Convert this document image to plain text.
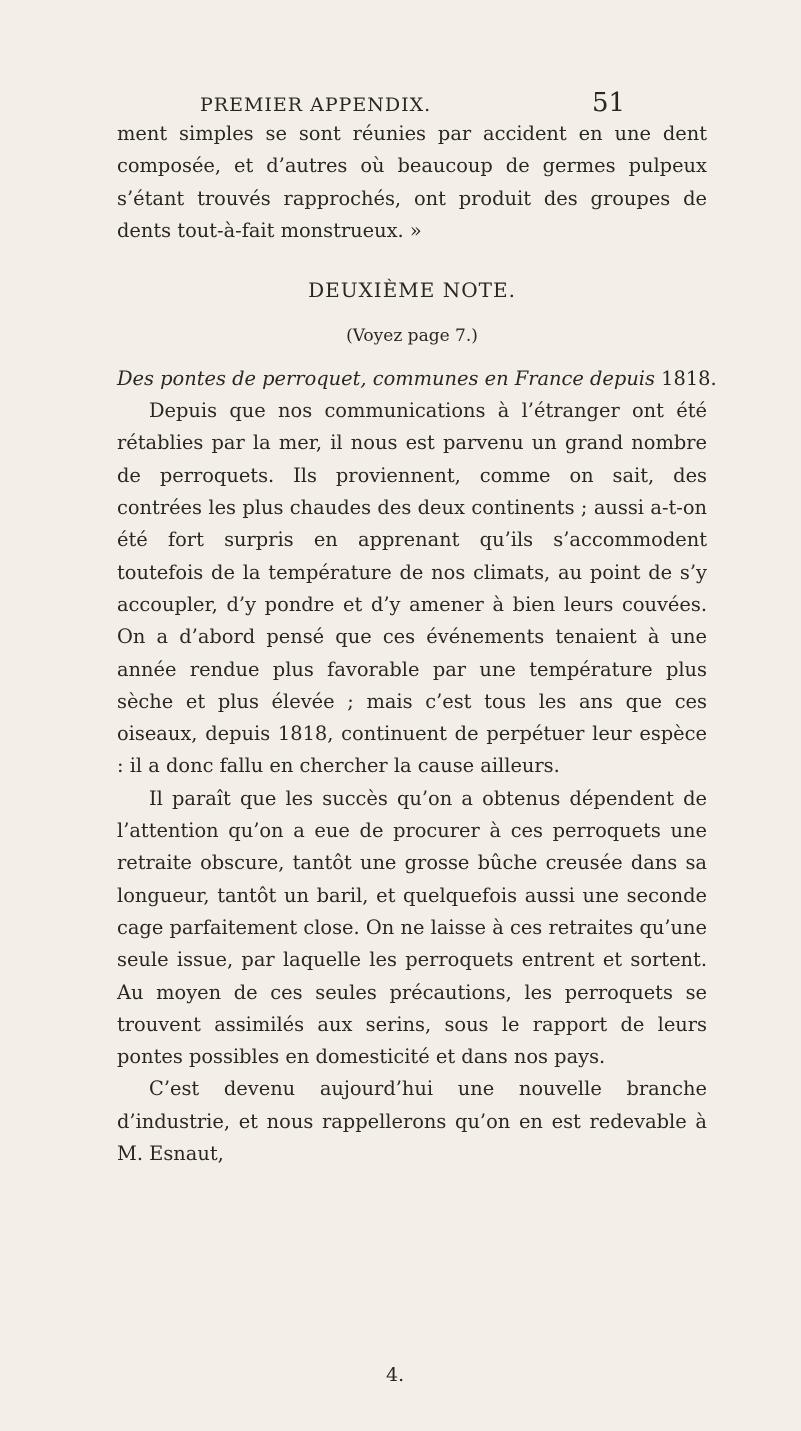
PREMIER APPENDIX.	51

ment simples se sont réunies par accident en une dent composée, et d’autres où beaucoup de germes pulpeux s’étant trouvés rapprochés, ont produit des groupes de dents tout-à-fait monstrueux. »

DEUXIÈME NOTE.
(Voyez page 7.)
Des pontes de perroquet, communes en France depuis 1818.

Depuis que nos communications à l’étranger ont été rétablies par la mer, il nous est parvenu un grand nombre de perroquets. Ils proviennent, comme on sait, des contrées les plus chaudes des deux continents ; aussi a-t-on été fort surpris en apprenant qu’ils s’accommodent toutefois de la température de nos climats, au point de s’y accoupler, d’y pondre et d’y amener à bien leurs couvées. On a d’abord pensé que ces événements tenaient à une année rendue plus favorable par une température plus sèche et plus élevée ; mais c’est tous les ans que ces oiseaux, depuis 1818, continuent de perpétuer leur espèce : il a donc fallu en chercher la cause ailleurs.

Il paraît que les succès qu’on a obtenus dépendent de l’attention qu’on a eue de procurer à ces perroquets une retraite obscure, tantôt une grosse bûche creusée dans sa longueur, tantôt un baril, et quelquefois aussi une seconde cage parfaitement close. On ne laisse à ces retraites qu’une seule issue, par laquelle les perroquets entrent et sortent. Au moyen de ces seules précautions, les perroquets se trouvent assimilés aux serins, sous le rapport de leurs pontes possibles en domesticité et dans nos pays.

C’est devenu aujourd’hui une nouvelle branche d’industrie, et nous rappellerons qu’on en est redevable à M. Esnaut,

4.
